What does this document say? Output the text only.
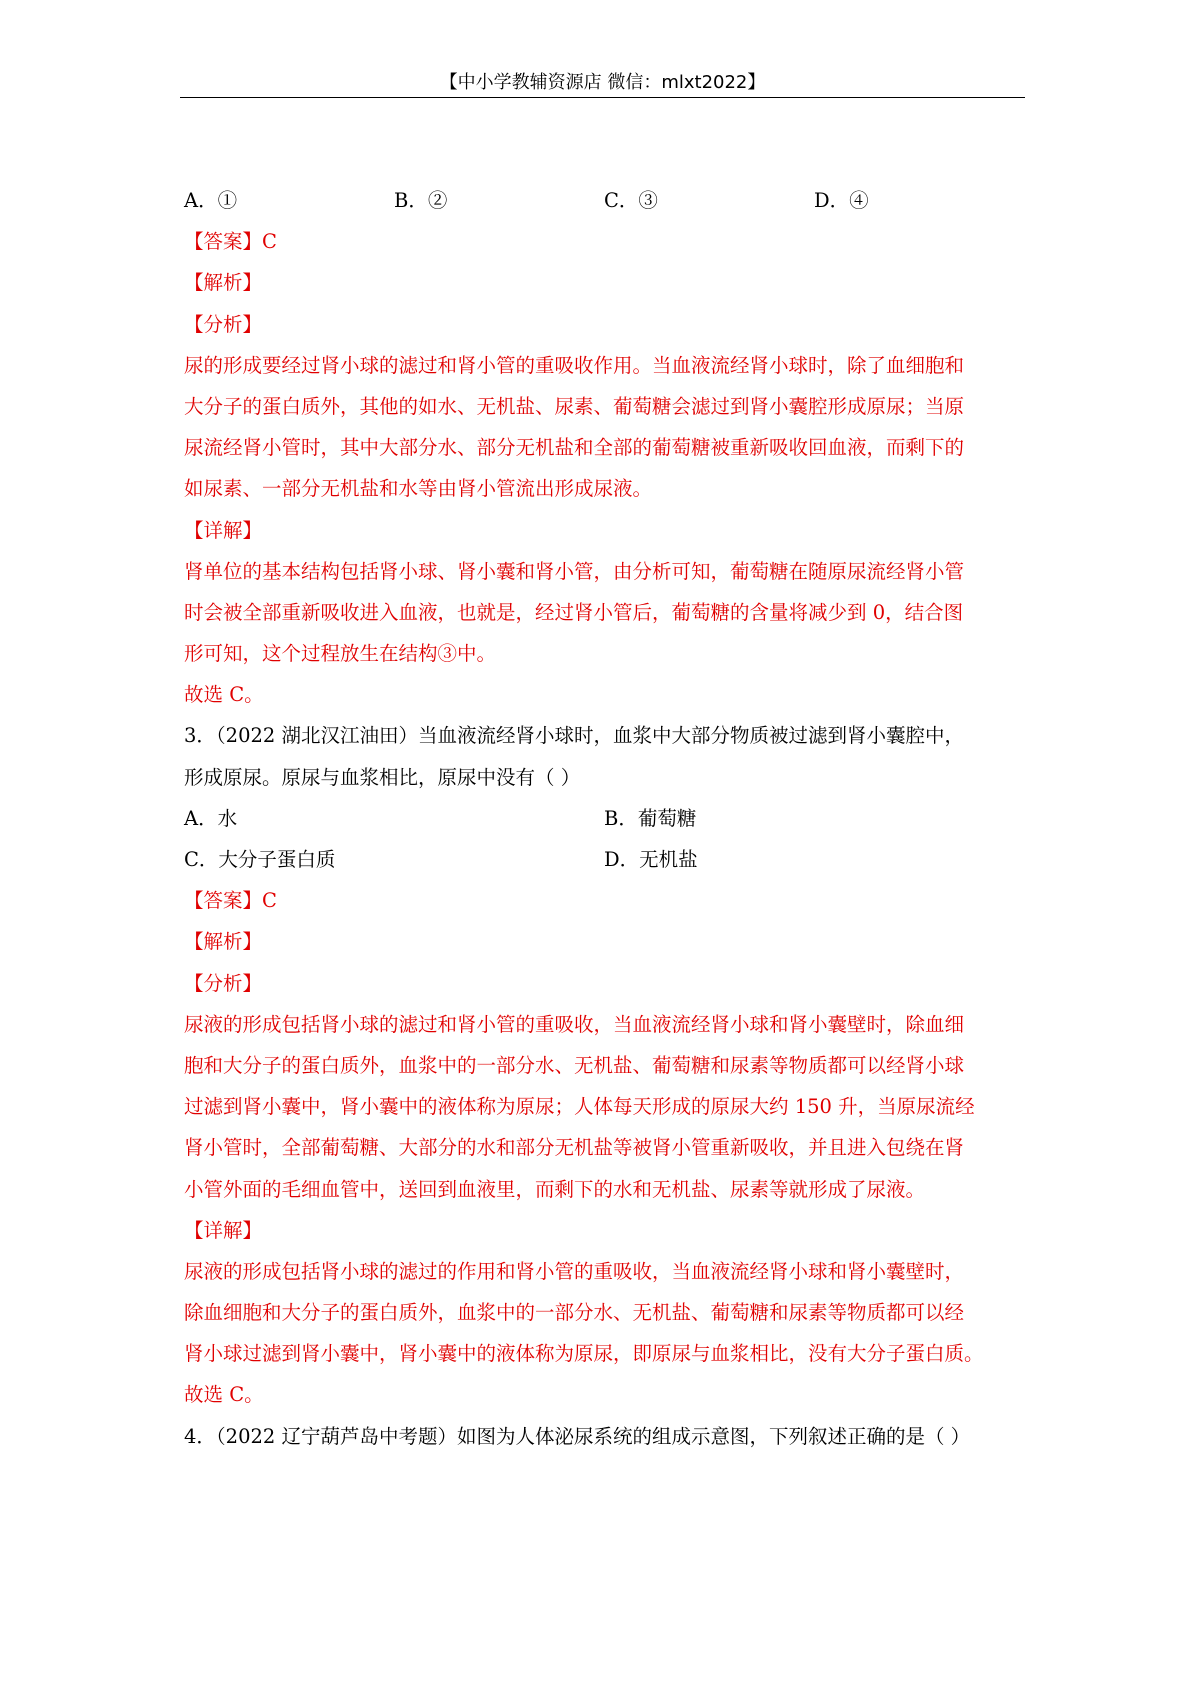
【中小学教辅资源店 微信：mlxt2022】
A．①	B．②	C．③	D．④
【答案】C
【解析】
【分析】
尿的形成要经过肾小球的滤过和肾小管的重吸收作用。当血液流经肾小球时，除了血细胞和
大分子的蛋白质外，其他的如水、无机盐、尿素、葡萄糖会滤过到肾小囊腔形成原尿；当原
尿流经肾小管时，其中大部分水、部分无机盐和全部的葡萄糖被重新吸收回血液，而剩下的
如尿素、一部分无机盐和水等由肾小管流出形成尿液。
【详解】
肾单位的基本结构包括肾小球、肾小囊和肾小管，由分析可知，葡萄糖在随原尿流经肾小管
时会被全部重新吸收进入血液，也就是，经过肾小管后，葡萄糖的含量将减少到 0，结合图
形可知，这个过程放生在结构③中。
故选 C。
3．（2022 湖北汉江油田）当血液流经肾小球时，血浆中大部分物质被过滤到肾小囊腔中，
形成原尿。原尿与血浆相比，原尿中没有（ ）
A．水	B．葡萄糖
C．大分子蛋白质	D．无机盐
【答案】C
【解析】
【分析】
尿液的形成包括肾小球的滤过和肾小管的重吸收，当血液流经肾小球和肾小囊壁时，除血细
胞和大分子的蛋白质外，血浆中的一部分水、无机盐、葡萄糖和尿素等物质都可以经肾小球
过滤到肾小囊中，肾小囊中的液体称为原尿；人体每天形成的原尿大约 150 升，当原尿流经
肾小管时，全部葡萄糖、大部分的水和部分无机盐等被肾小管重新吸收，并且进入包绕在肾
小管外面的毛细血管中，送回到血液里，而剩下的水和无机盐、尿素等就形成了尿液。
【详解】
尿液的形成包括肾小球的滤过的作用和肾小管的重吸收，当血液流经肾小球和肾小囊壁时，
除血细胞和大分子的蛋白质外，血浆中的一部分水、无机盐、葡萄糖和尿素等物质都可以经
肾小球过滤到肾小囊中，肾小囊中的液体称为原尿，即原尿与血浆相比，没有大分子蛋白质。
故选 C。
4．（2022 辽宁葫芦岛中考题）如图为人体泌尿系统的组成示意图，下列叙述正确的是（ ）
